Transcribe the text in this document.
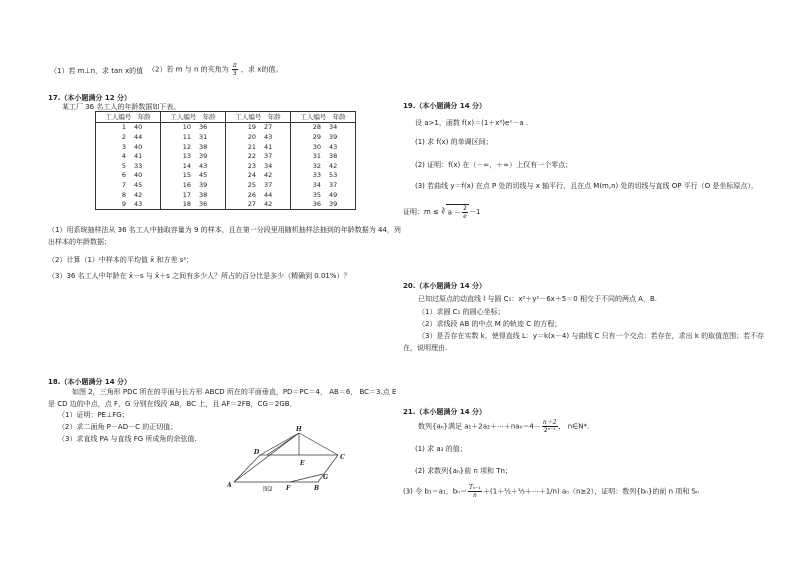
（1）若 m⊥n，求 tan x的值 （2）若 m 与 n 的夹角为 $\frac{\pi}{3}$ ，求 x的值。
17.（本小题满分 12 分）
某工厂 36 名工人的年龄数据如下表。
工人编号 年龄		工人编号 年龄		工人编号 年龄		工人编号 年龄	
1	40	10	36	19	27	28	34
2	44	11	31	20	43	29	39
3	40	12	38	21	41	30	43
4	41	13	39	22	37	31	38
5	33	14	43	23	34	32	42
6	40	15	45	24	42	33	53
7	45	16	39	25	37	34	37
8	42	17	38	26	44	35	49
9	43	18	36	27	42	36	39
（1）用系统抽样法从 36 名工人中抽取容量为 9 的样本，且在第一分段里用随机抽样法抽到的年龄数据为 44，列
出样本的年龄数据；
（2）计算（1）中样本的平均值 x̄ 和方差 s²；
（3）36 名工人中年龄在 x̄－s 与 x̄＋s 之间有多少人？所占的百分比是多少（精确到 0.01%）？
18.（本小题满分 14 分）
如图 2，三角形 PDC 所在的平面与长方形 ABCD 所在的平面垂直，PD＝PC＝4， AB＝6， BC＝3.点 E
是 CD 边的中点，点 F，G 分别在线段 AB，BC 上，且 AF＝2FB，CG＝2GB．
（1）证明：PE⊥FG；
（2）求二面角 P－AD－C 的正切值；
（3）求直线 PA 与直线 FG 所成角的余弦值.
H
D
E
C
A	F	B
G
图2
19.（本小题满分 14 分）
设 a>1，函数 f(x)＝(1＋x²)eˣ－a .
(1) 求 f(x) 的单调区间；
(2) 证明：f(x) 在（－∞，＋∞）上仅有一个零点；
(3) 若曲线 y＝f(x) 在点 P 处的切线与 x 轴平行，且在点 M(m,n) 处的切线与直线 OP 平行（O 是坐标原点），
证明：m ≤ ∛ $a - \frac{2}{e} -1$
20.（本小题满分 14 分）
已知过原点的动直线 l 与圆 C₁：x²＋y²－6x＋5＝0 相交于不同的两点 A，B.
（1）求圆 C₁ 的圆心坐标；
（2）求线段 AB 的中点 M 的轨迹 C 的方程；
（3）是否存在实数 k，使得直线 L：y＝k(x－4) 与曲线 C 只有一个交点：若存在，求出 k 的取值范围；若不存
在，说明理由.
21.（本小题满分 14 分）
数列{aₙ}满足 a₁＋2a₂＋⋯＋naₙ＝4－ $\frac{n+2}{\text{2ⁿ⁻¹}}$ ， n∈N*.
(1) 求 a₃ 的值；
(2) 求数列{aₙ}前 n 项和 Tn；
(3) 令 b₁＝a₁，$b_n= \frac{\text{Tₙ₋₁}}{n}$ ＋(1＋½＋⅓＋⋯＋1/n) aₙ（n≥2），证明：数列{bₙ}的前 n 项和 Sₙ
